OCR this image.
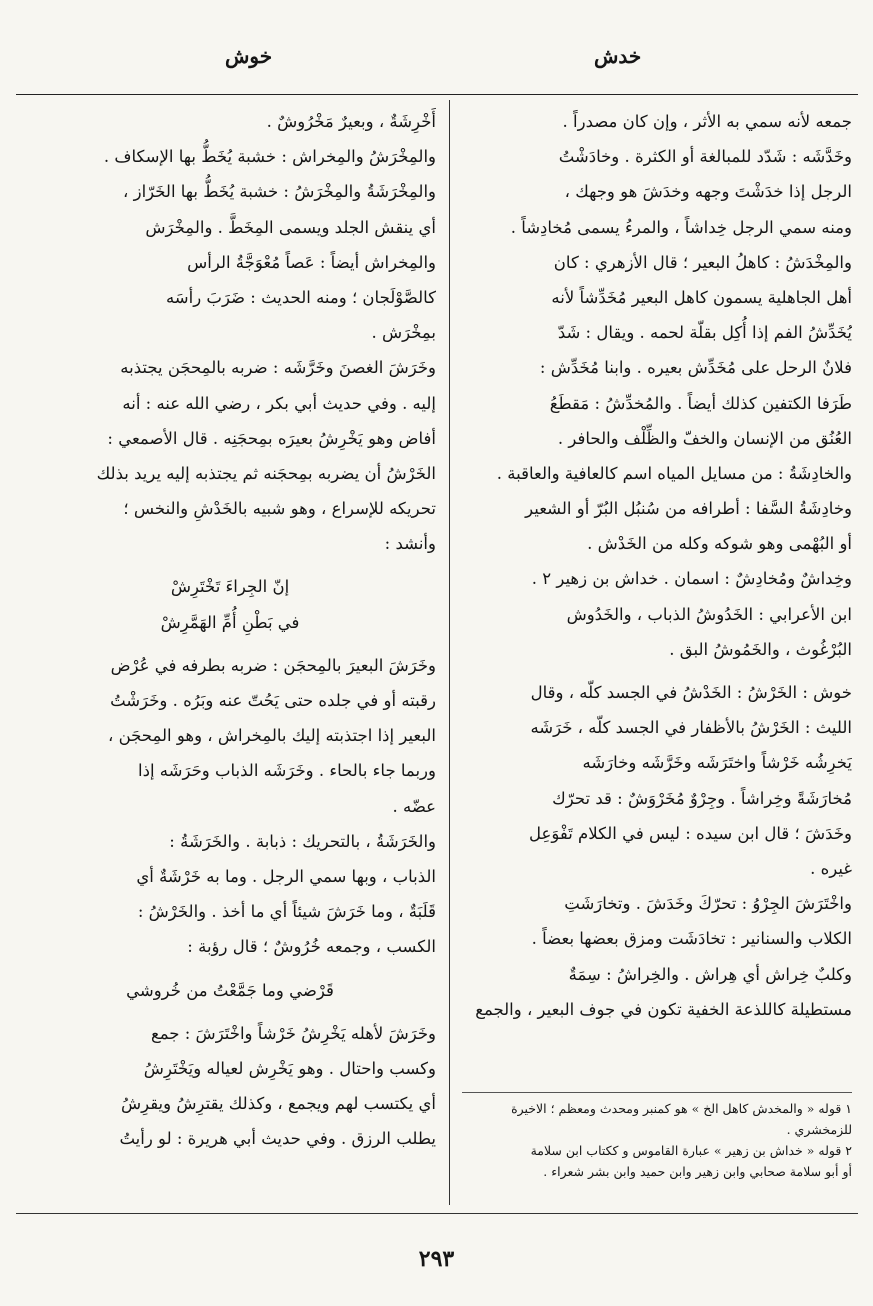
خدش
خوش
جمعه لأنه سمي به الأثر ، وإن كان مصدراً .
وخَدَّشَه : شَدّد للمبالغة أو الكثرة . وخادَشْتُ
الرجل إذا خدَشْتَ وجهه وخدَشَ هو وجهك ،
ومنه سمي الرجل خِداشاً ، والمرءُ يسمى مُخادِشاً .
والمِخْدَشُ : كاهلُ البعير ؛ قال الأزهري : كان
أهل الجاهلية يسمون كاهل البعير مُخَدِّشاً لأنه
يُخَدِّشُ الفم إذا أُكِل بقلّة لحمه . ويقال : شَدّ
فلانٌ الرحل على مُخَدِّش بعيره . وابنا مُخَدِّش :
طَرَفا الكتفين كذلك أيضاً . والمُخدِّشُ : مَقطَعُ
العُنُق من الإنسان والخفّ والظِّلْف والحافر .
والخادِشَةُ : من مسايل المياه اسم كالعافية والعاقبة .
وخادِشَةُ السَّفا : أطرافه من سُنبُل البُرّ أو الشعير
أو البُهْمى وهو شوكه وكله من الخَدْش .
وخِداشٌ ومُخادِشٌ : اسمان . خداش بن زهير ٢ .
ابن الأعرابي : الخَدُوشُ الذباب ، والخَدُوش
البُرْغُوث ، والخَمُوشُ البق .
خوش : الخَرْشُ : الخَدْشُ في الجسد كلّه ، وقال
الليث : الخَرْشُ بالأظفار في الجسد كلّه ، خَرَشَه
يَخرِشُه خَرْشاً واختَرَشَه وخَرَّشَه وخارَشَه
مُخارَشَةً وخِراشاً . وجِرْوٌ مُخَرْوَشٌ : قد تحرّك
وخَدَشَ ؛ قال ابن سيده : ليس في الكلام تَفْوَعِل
غيره .
واخْتَرَشَ الجِرْوُ : تحرّكَ وخَدَشَ . وتخارَشَتِ
الكلاب والسنانير : تخادَشَت ومزق بعضها بعضاً .
وكلبٌ خِراش أي هِراش . والخِراشُ : سِمَةٌ
مستطيلة كاللذعة الخفية تكون في جوف البعير ، والجمع
١ قوله « والمخدش كاهل الخ » هو كمنبر ومحدث ومعظم ؛ الاخيرة
للزمخشري .
٢ قوله « خداش بن زهير » عبارة القاموس و ككتاب ابن سلامة
أو أبو سلامة صحابي وابن زهير وابن حميد وابن بشر شعراء .
أَخْرِشَةٌ ، وبعيرٌ مَخْرُوشٌ .
والمِخْرَشُ والمِخراش : خشبة يُخَطُّ بها الإسكاف .
والمِخْرَشَةُ والمِخْرَشُ : خشبة يُخَطُّ بها الخَرّاز ،
أي ينقش الجلد ويسمى المِخَطَّ . والمِخْرَش
والمِخراش أيضاً : عَصاً مُعْوَجَّةُ الرأس
كالصَّوْلَجان ؛ ومنه الحديث : ضَرَبَ رأسَه
بمِخْرَش .
وخَرَشَ الغصنَ وخَرَّشَه : ضربه بالمِحجَن يجتذبه
إليه . وفي حديث أبي بكر ، رضي الله عنه : أنه
أفاض وهو يَخْرِشُ بعيرَه بمِحجَنِه . قال الأصمعي :
الخَرْشُ أن يضربه بمِحجَنه ثم يجتذبه إليه يريد بذلك
تحريكه للإسراع ، وهو شبيه بالخَدْشِ والنخس ؛
وأنشد :
إنّ الجِراءَ تَخْتَرِشْ
في بَطْنِ أُمِّ الهَمَّرِشْ
وخَرَشَ البعيرَ بالمِحجَن : ضربه بطرفه في عُرْض
رقبته أو في جلده حتى يَحُتّ عنه وبَرُه . وخَرَشْتُ
البعير إذا اجتذبته إليك بالمِخراش ، وهو المِحجَن ،
وربما جاء بالحاء . وخَرَشَه الذباب وحَرَشَه إذا
عضّه .
والخَرَشَةُ ، بالتحريك : ذبابة . والخَرَشَةُ :
الذباب ، وبها سمي الرجل . وما به خَرْشَةٌ أي
قَلَبَةٌ ، وما خَرَشَ شيئاً أي ما أخذ . والخَرْشُ :
الكسب ، وجمعه خُرُوشٌ ؛ قال رؤبة :
قَرْضي وما جَمَّعْتُ من خُروشي
وخَرَشَ لأهله يَخْرِشُ خَرْشاً واخْتَرَشَ : جمع
وكسب واحتال . وهو يَخْرِش لعياله ويَخْتَرِشُ
أي يكتسب لهم ويجمع ، وكذلك يقترِشُ ويقرِشُ
يطلب الرزق . وفي حديث أبي هريرة : لو رأيتُ
٢٩٣
